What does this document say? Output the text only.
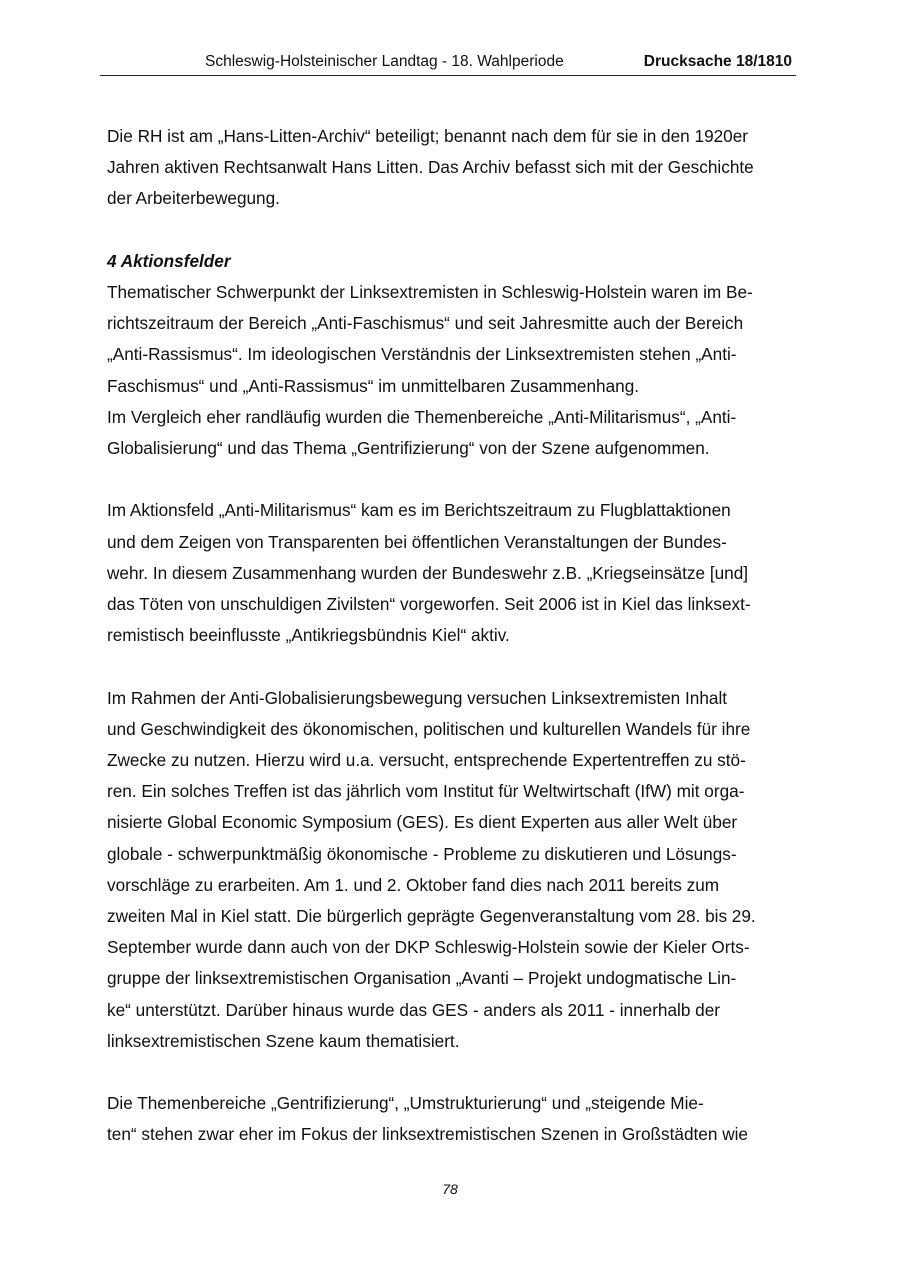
Schleswig-Holsteinischer Landtag - 18. Wahlperiode	Drucksache 18/1810
Die RH ist am „Hans-Litten-Archiv“ beteiligt; benannt nach dem für sie in den 1920er
Jahren aktiven Rechtsanwalt Hans Litten. Das Archiv befasst sich mit der Geschichte
der Arbeiterbewegung.
4 Aktionsfelder
Thematischer Schwerpunkt der Linksextremisten in Schleswig-Holstein waren im Be-
richtszeitraum der Bereich „Anti-Faschismus“ und seit Jahresmitte auch der Bereich
„Anti-Rassismus“. Im ideologischen Verständnis der Linksextremisten stehen „Anti-
Faschismus“ und „Anti-Rassismus“ im unmittelbaren Zusammenhang.
Im Vergleich eher randläufig wurden die Themenbereiche „Anti-Militarismus“, „Anti-
Globalisierung“ und das Thema „Gentrifizierung“ von der Szene aufgenommen.
Im Aktionsfeld „Anti-Militarismus“ kam es im Berichtszeitraum zu Flugblattaktionen
und dem Zeigen von Transparenten bei öffentlichen Veranstaltungen der Bundes-
wehr. In diesem Zusammenhang wurden der Bundeswehr z.B. „Kriegseinsätze [und]
das Töten von unschuldigen Zivilsten“ vorgeworfen. Seit 2006 ist in Kiel das linksext-
remistisch beeinflusste „Antikriegsbündnis Kiel“ aktiv.
Im Rahmen der Anti-Globalisierungsbewegung versuchen Linksextremisten Inhalt
und Geschwindigkeit des ökonomischen, politischen und kulturellen Wandels für ihre
Zwecke zu nutzen. Hierzu wird u.a. versucht, entsprechende Expertentreffen zu stö-
ren. Ein solches Treffen ist das jährlich vom Institut für Weltwirtschaft (IfW) mit orga-
nisierte Global Economic Symposium (GES). Es dient Experten aus aller Welt über
globale - schwerpunktmäßig ökonomische - Probleme zu diskutieren und Lösungs-
vorschläge zu erarbeiten. Am 1. und 2. Oktober fand dies nach 2011 bereits zum
zweiten Mal in Kiel statt. Die bürgerlich geprägte Gegenveranstaltung vom 28. bis 29.
September wurde dann auch von der DKP Schleswig-Holstein sowie der Kieler Orts-
gruppe der linksextremistischen Organisation „Avanti – Projekt undogmatische Lin-
ke“ unterstützt. Darüber hinaus wurde das GES - anders als 2011 - innerhalb der
linksextremistischen Szene kaum thematisiert.
Die Themenbereiche „Gentrifizierung“, „Umstrukturierung“ und „steigende Mie-
ten“ stehen zwar eher im Fokus der linksextremistischen Szenen in Großstädten wie
78
